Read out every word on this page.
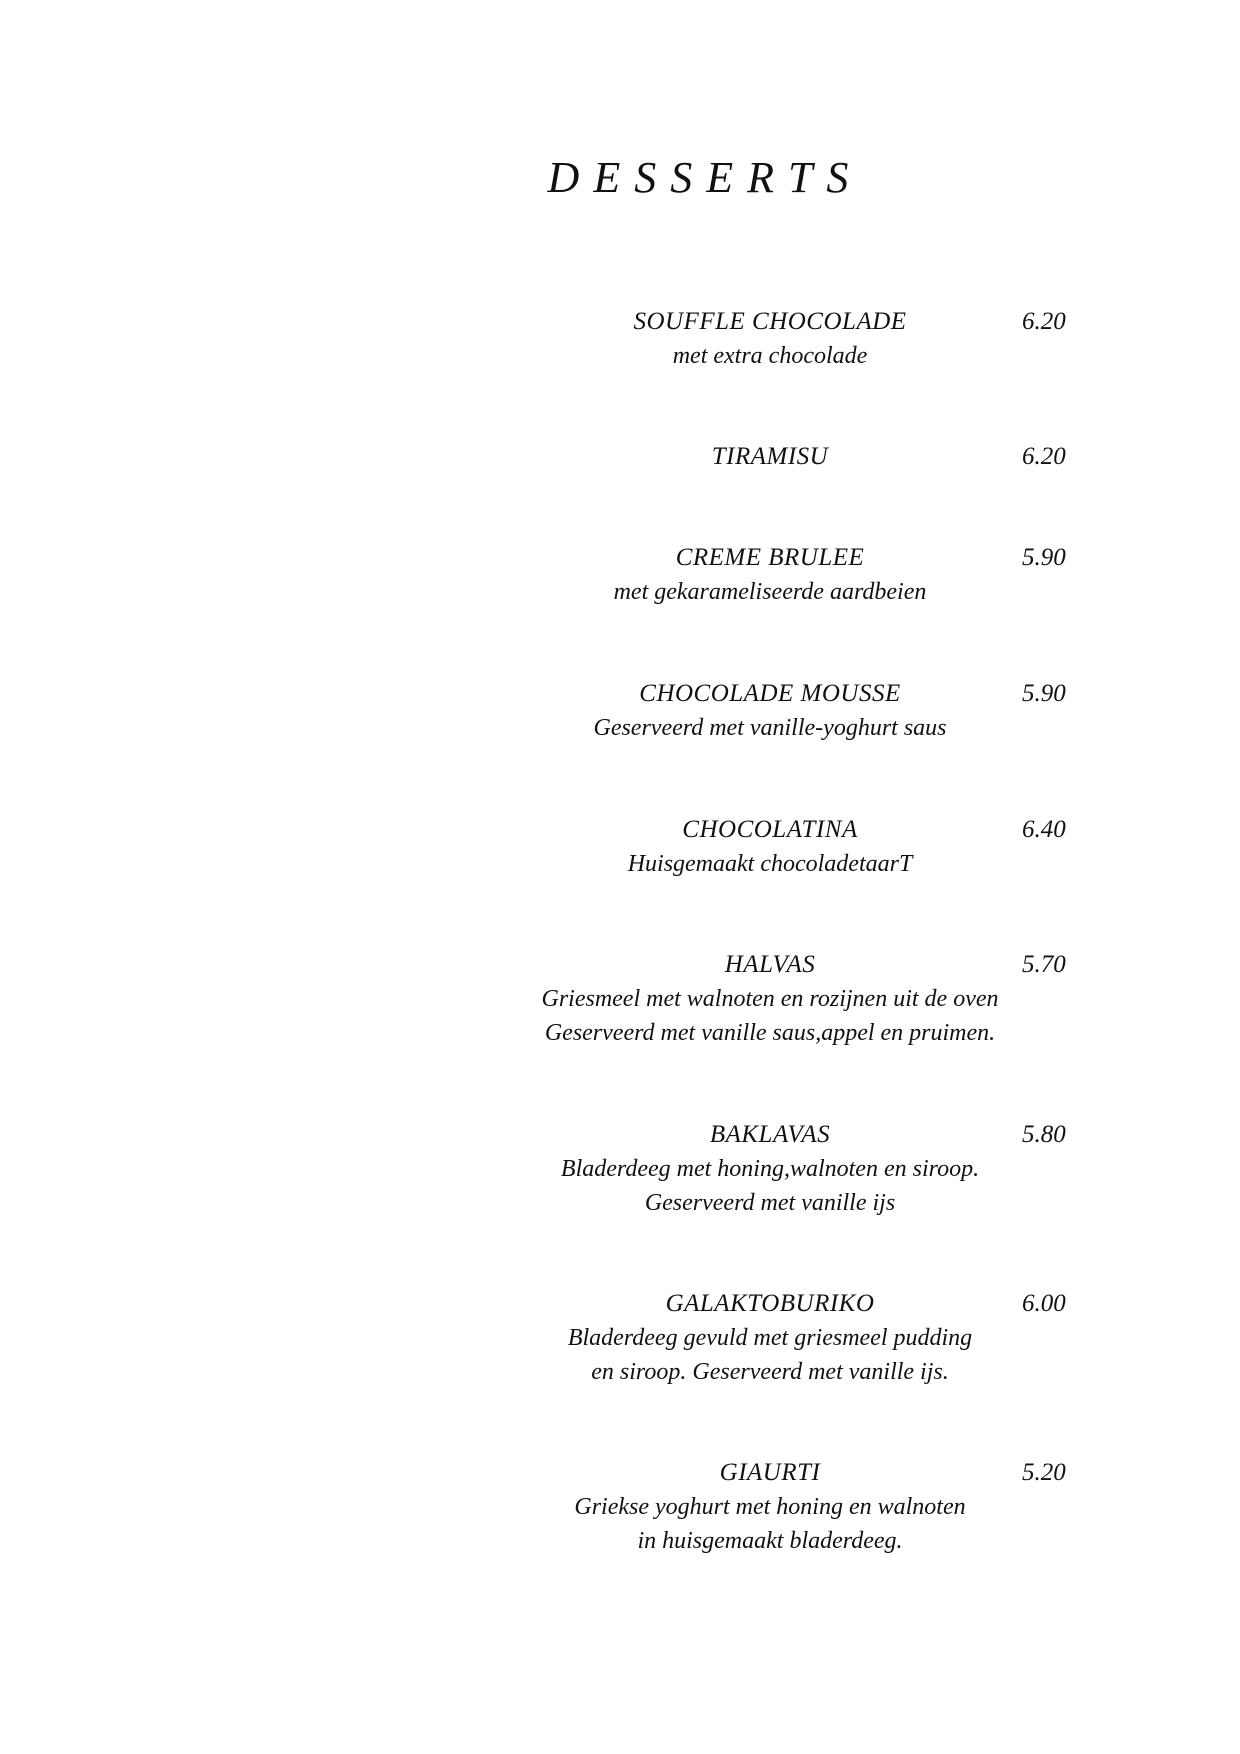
DESSERTS
SOUFFLE CHOCOLADE	6.20
met extra chocolade
TIRAMISU	6.20
CREME BRULEE	5.90
met gekarameliseerde aardbeien
CHOCOLADE MOUSSE	5.90
Geserveerd met vanille-yoghurt saus
CHOCOLATINA	6.40
Huisgemaakt chocoladetaarT
HALVAS	5.70
Griesmeel met walnoten en rozijnen uit de oven
Geserveerd met vanille saus,appel en pruimen.
BAKLAVAS	5.80
Bladerdeeg met honing,walnoten en siroop.
Geserveerd met vanille ijs
GALAKTOBURIKO	6.00
Bladerdeeg gevuld met griesmeel pudding
en siroop. Geserveerd met vanille ijs.
GIAURTI	5.20
Griekse yoghurt met honing en walnoten
in huisgemaakt bladerdeeg.
